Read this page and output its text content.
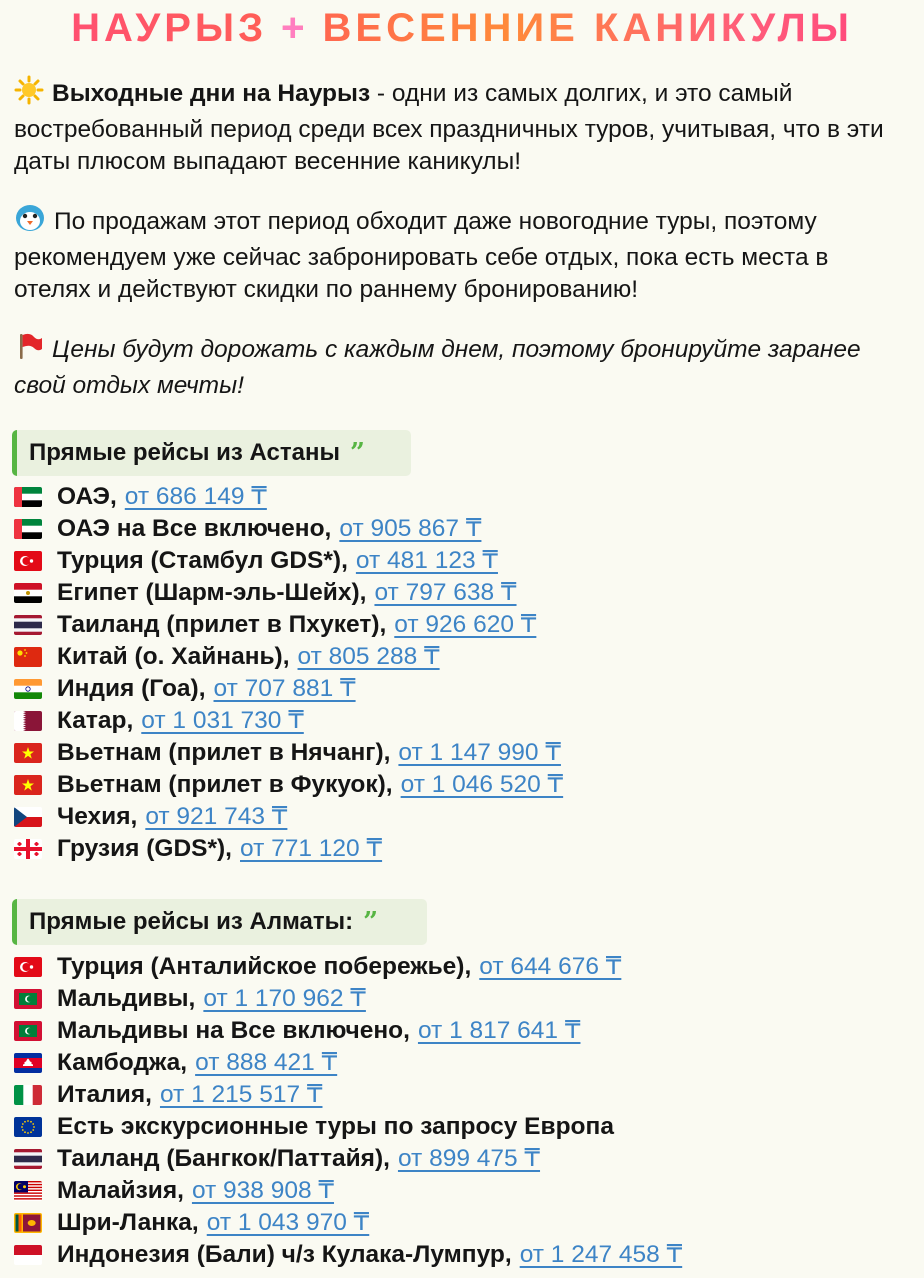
НАУРЫЗ + ВЕСЕННИЕ КАНИКУЛЫ
Выходные дни на Наурыз - одни из самых долгих, и это самый востребованный период среди всех праздничных туров, учитывая, что в эти даты плюсом выпадают весенние каникулы!
По продажам этот период обходит даже новогодние туры, поэтому рекомендуем уже сейчас забронировать себе отдых, пока есть места в отелях и действуют скидки по раннему бронированию!
Цены будут дорожать с каждым днем, поэтому бронируйте заранее свой отдых мечты!
Прямые рейсы из Астаны ”
ОАЭ, от 686 149 ₸
ОАЭ на Все включено, от 905 867 ₸
Турция (Стамбул GDS*), от 481 123 ₸
Египет (Шарм-эль-Шейх), от 797 638 ₸
Таиланд (прилет в Пхукет), от 926 620 ₸
Китай (о. Хайнань), от 805 288 ₸
Индия (Гоа), от 707 881 ₸
Катар, от 1 031 730 ₸
Вьетнам (прилет в Нячанг), от 1 147 990 ₸
Вьетнам (прилет в Фукуок), от 1 046 520 ₸
Чехия, от 921 743 ₸
Грузия (GDS*), от 771 120 ₸
Прямые рейсы из Алматы: ”
Турция (Анталийское побережье), от 644 676 ₸
Мальдивы, от 1 170 962 ₸
Мальдивы на Все включено, от 1 817 641 ₸
Камбоджа, от 888 421 ₸
Италия, от 1 215 517 ₸
Есть экскурсионные туры по запросу Европа
Таиланд (Бангкок/Паттайя), от 899 475 ₸
Малайзия, от 938 908 ₸
Шри-Ланка, от 1 043 970 ₸
Индонезия (Бали) ч/з Кулака-Лумпур, от 1 247 458 ₸
